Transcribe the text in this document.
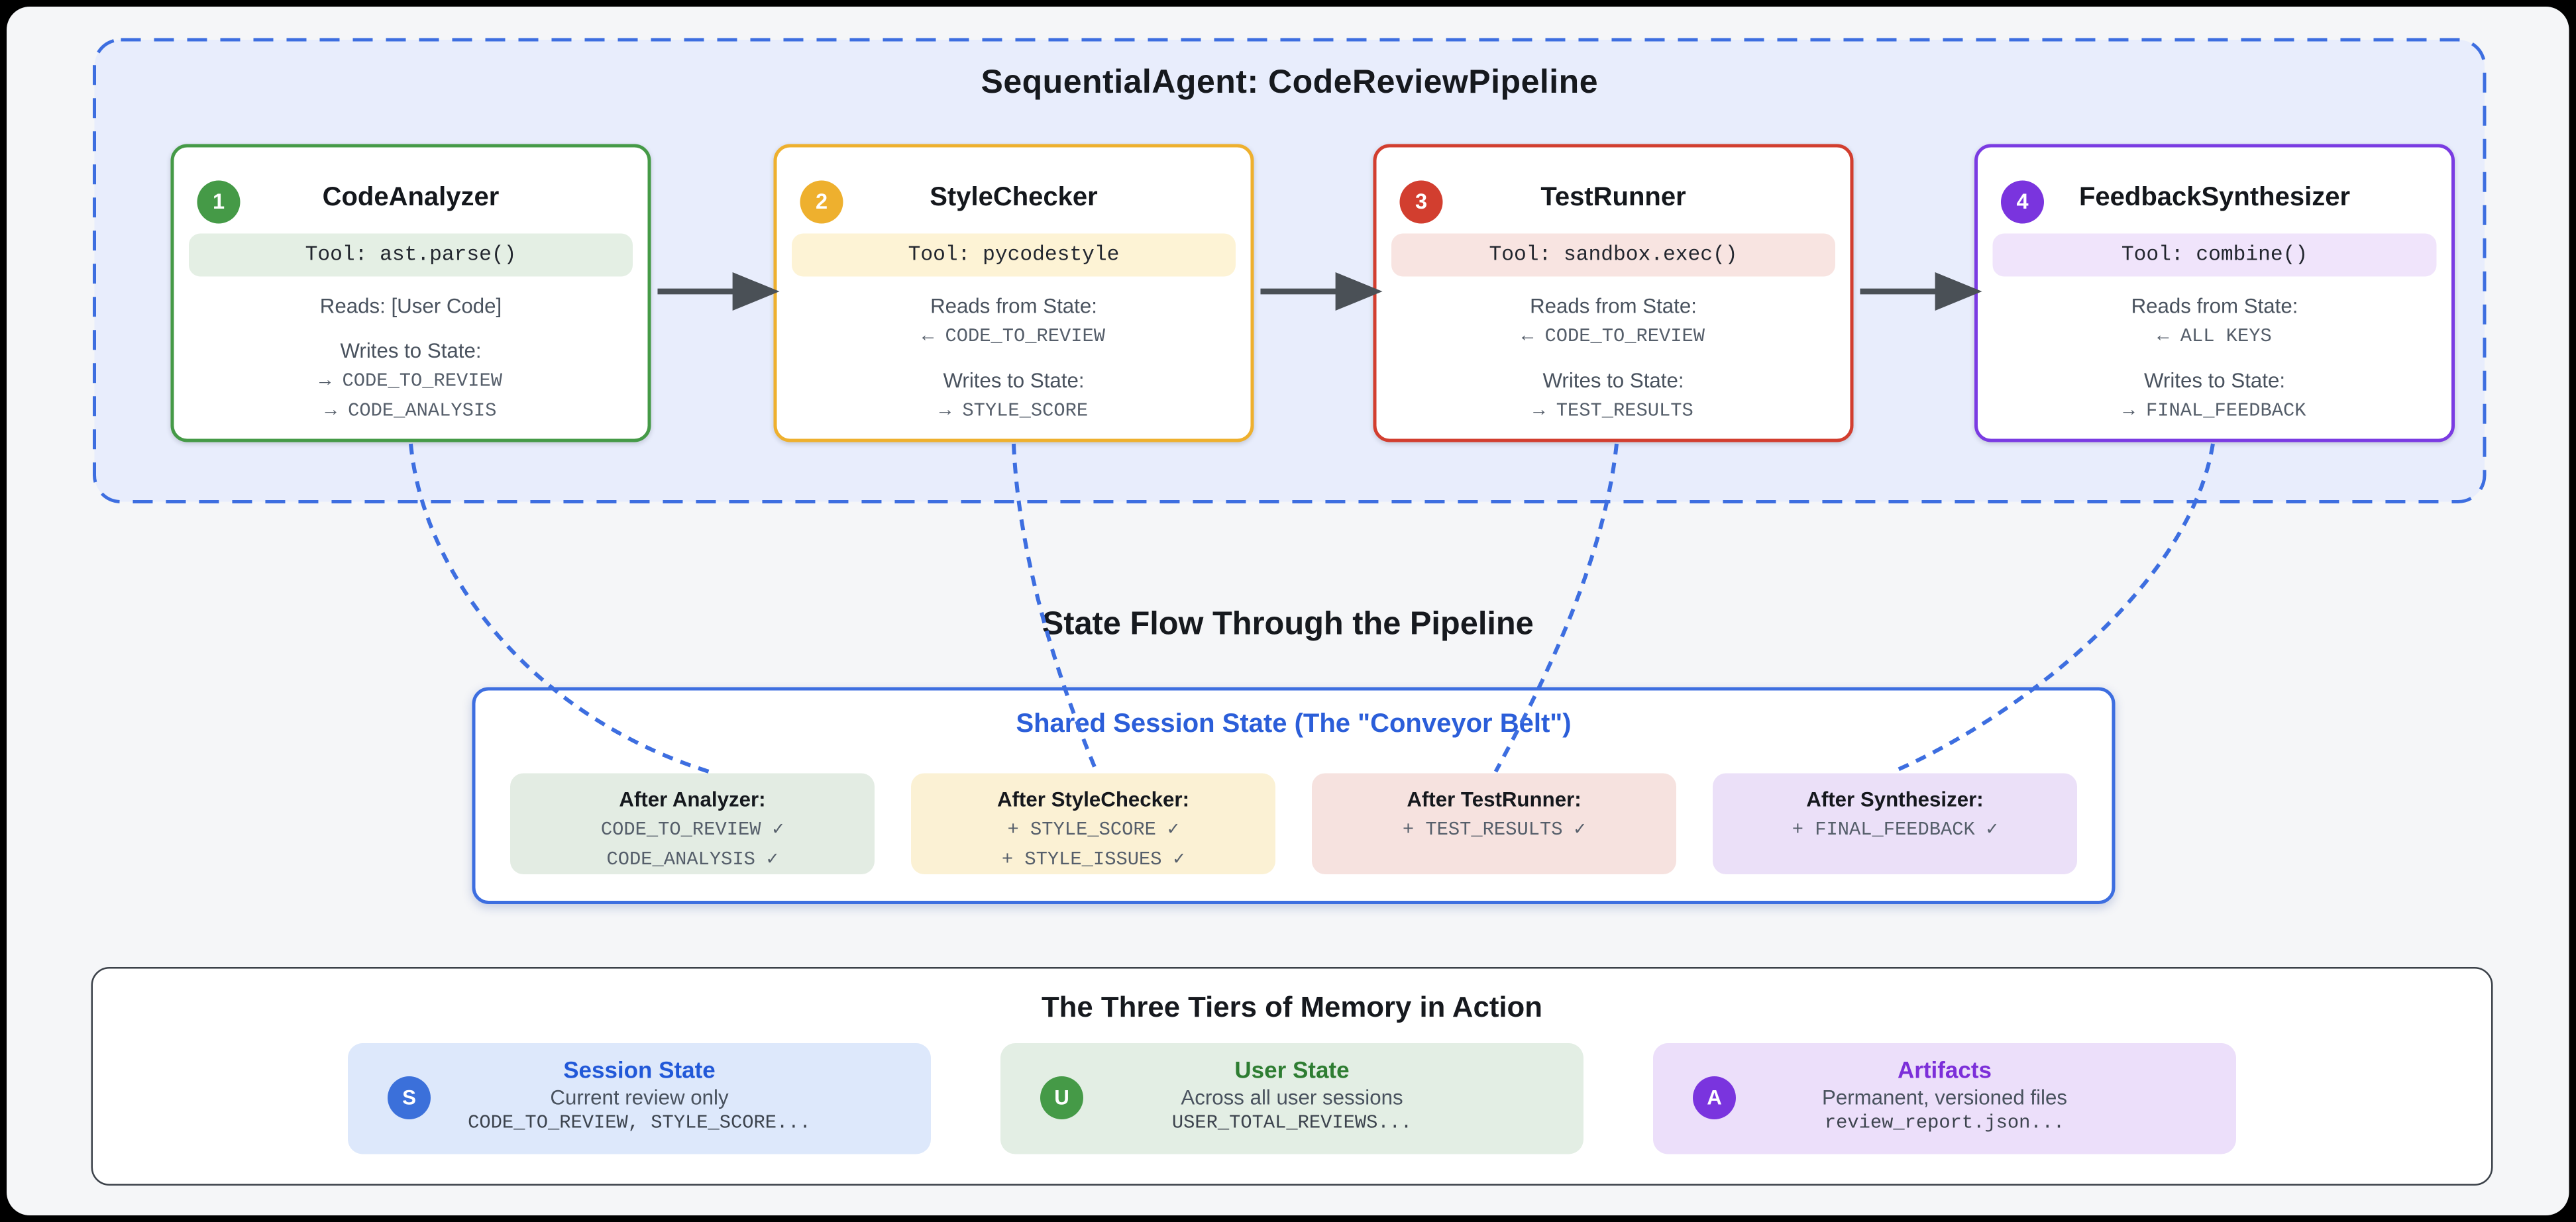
SequentialAgent: CodeReviewPipeline
State Flow Through the Pipeline
1	CodeAnalyzer
Tool: ast.parse()
Reads: [User Code]
Writes to State:
→ CODE_TO_REVIEW
→ CODE_ANALYSIS
2	StyleChecker
Tool: pycodestyle
Reads from State:
← CODE_TO_REVIEW
Writes to State:
→ STYLE_SCORE
3	TestRunner
Tool: sandbox.exec()
Reads from State:
← CODE_TO_REVIEW
Writes to State:
→ TEST_RESULTS
4	FeedbackSynthesizer
Tool: combine()
Reads from State:
← ALL KEYS
Writes to State:
→ FINAL_FEEDBACK
Shared Session State (The "Conveyor Belt")
After Analyzer:
CODE_TO_REVIEW ✓
CODE_ANALYSIS ✓
After StyleChecker:
+ STYLE_SCORE ✓
+ STYLE_ISSUES ✓
After TestRunner:
+ TEST_RESULTS ✓
After Synthesizer:
+ FINAL_FEEDBACK ✓
The Three Tiers of Memory in Action
S
Session State
Current review only
CODE_TO_REVIEW, STYLE_SCORE...
U
User State
Across all user sessions
USER_TOTAL_REVIEWS...
A
Artifacts
Permanent, versioned files
review_report.json...
